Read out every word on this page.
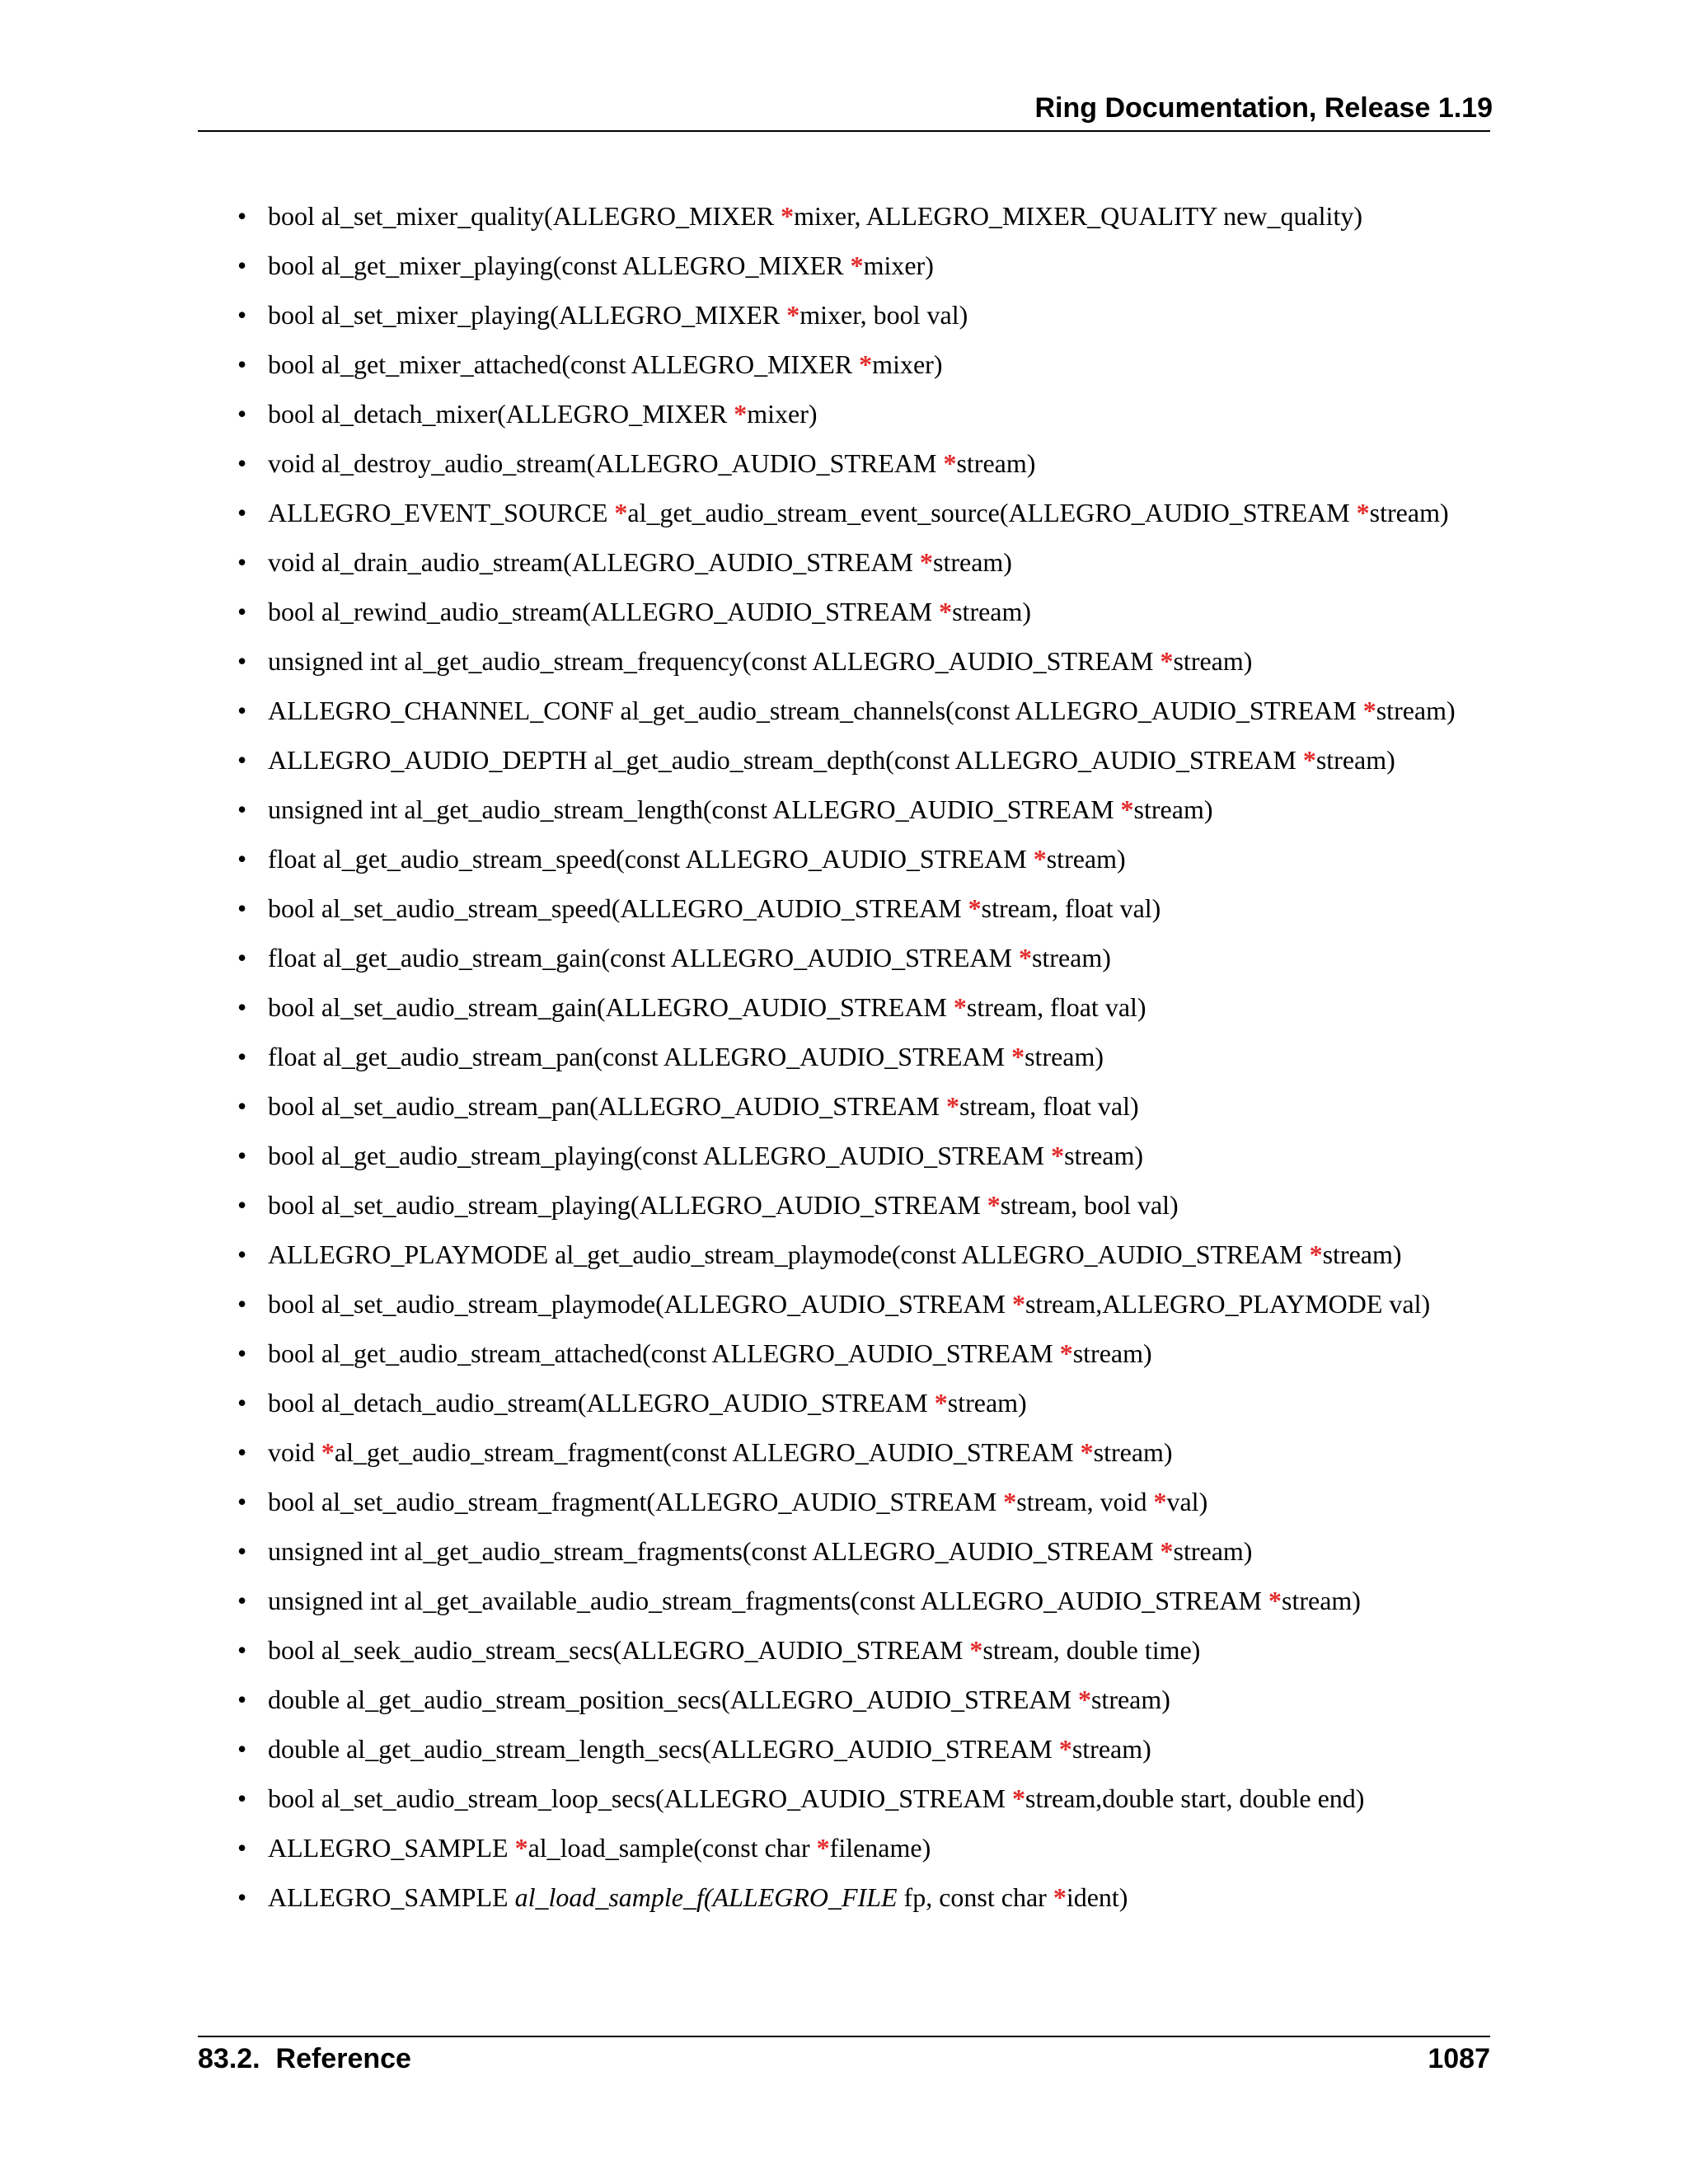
Ring Documentation, Release 1.19
• bool al_set_mixer_quality(ALLEGRO_MIXER *mixer, ALLEGRO_MIXER_QUALITY new_quality)
• bool al_get_mixer_playing(const ALLEGRO_MIXER *mixer)
• bool al_set_mixer_playing(ALLEGRO_MIXER *mixer, bool val)
• bool al_get_mixer_attached(const ALLEGRO_MIXER *mixer)
• bool al_detach_mixer(ALLEGRO_MIXER *mixer)
• void al_destroy_audio_stream(ALLEGRO_AUDIO_STREAM *stream)
• ALLEGRO_EVENT_SOURCE *al_get_audio_stream_event_source(ALLEGRO_AUDIO_STREAM *stream)
• void al_drain_audio_stream(ALLEGRO_AUDIO_STREAM *stream)
• bool al_rewind_audio_stream(ALLEGRO_AUDIO_STREAM *stream)
• unsigned int al_get_audio_stream_frequency(const ALLEGRO_AUDIO_STREAM *stream)
• ALLEGRO_CHANNEL_CONF al_get_audio_stream_channels(const ALLEGRO_AUDIO_STREAM *stream)
• ALLEGRO_AUDIO_DEPTH al_get_audio_stream_depth(const ALLEGRO_AUDIO_STREAM *stream)
• unsigned int al_get_audio_stream_length(const ALLEGRO_AUDIO_STREAM *stream)
• float al_get_audio_stream_speed(const ALLEGRO_AUDIO_STREAM *stream)
• bool al_set_audio_stream_speed(ALLEGRO_AUDIO_STREAM *stream, float val)
• float al_get_audio_stream_gain(const ALLEGRO_AUDIO_STREAM *stream)
• bool al_set_audio_stream_gain(ALLEGRO_AUDIO_STREAM *stream, float val)
• float al_get_audio_stream_pan(const ALLEGRO_AUDIO_STREAM *stream)
• bool al_set_audio_stream_pan(ALLEGRO_AUDIO_STREAM *stream, float val)
• bool al_get_audio_stream_playing(const ALLEGRO_AUDIO_STREAM *stream)
• bool al_set_audio_stream_playing(ALLEGRO_AUDIO_STREAM *stream, bool val)
• ALLEGRO_PLAYMODE al_get_audio_stream_playmode(const ALLEGRO_AUDIO_STREAM *stream)
• bool al_set_audio_stream_playmode(ALLEGRO_AUDIO_STREAM *stream,ALLEGRO_PLAYMODE val)
• bool al_get_audio_stream_attached(const ALLEGRO_AUDIO_STREAM *stream)
• bool al_detach_audio_stream(ALLEGRO_AUDIO_STREAM *stream)
• void *al_get_audio_stream_fragment(const ALLEGRO_AUDIO_STREAM *stream)
• bool al_set_audio_stream_fragment(ALLEGRO_AUDIO_STREAM *stream, void *val)
• unsigned int al_get_audio_stream_fragments(const ALLEGRO_AUDIO_STREAM *stream)
• unsigned int al_get_available_audio_stream_fragments(const ALLEGRO_AUDIO_STREAM *stream)
• bool al_seek_audio_stream_secs(ALLEGRO_AUDIO_STREAM *stream, double time)
• double al_get_audio_stream_position_secs(ALLEGRO_AUDIO_STREAM *stream)
• double al_get_audio_stream_length_secs(ALLEGRO_AUDIO_STREAM *stream)
• bool al_set_audio_stream_loop_secs(ALLEGRO_AUDIO_STREAM *stream,double start, double end)
• ALLEGRO_SAMPLE *al_load_sample(const char *filename)
• ALLEGRO_SAMPLE al_load_sample_f(ALLEGRO_FILE fp, const char *ident)
83.2.  Reference	1087
